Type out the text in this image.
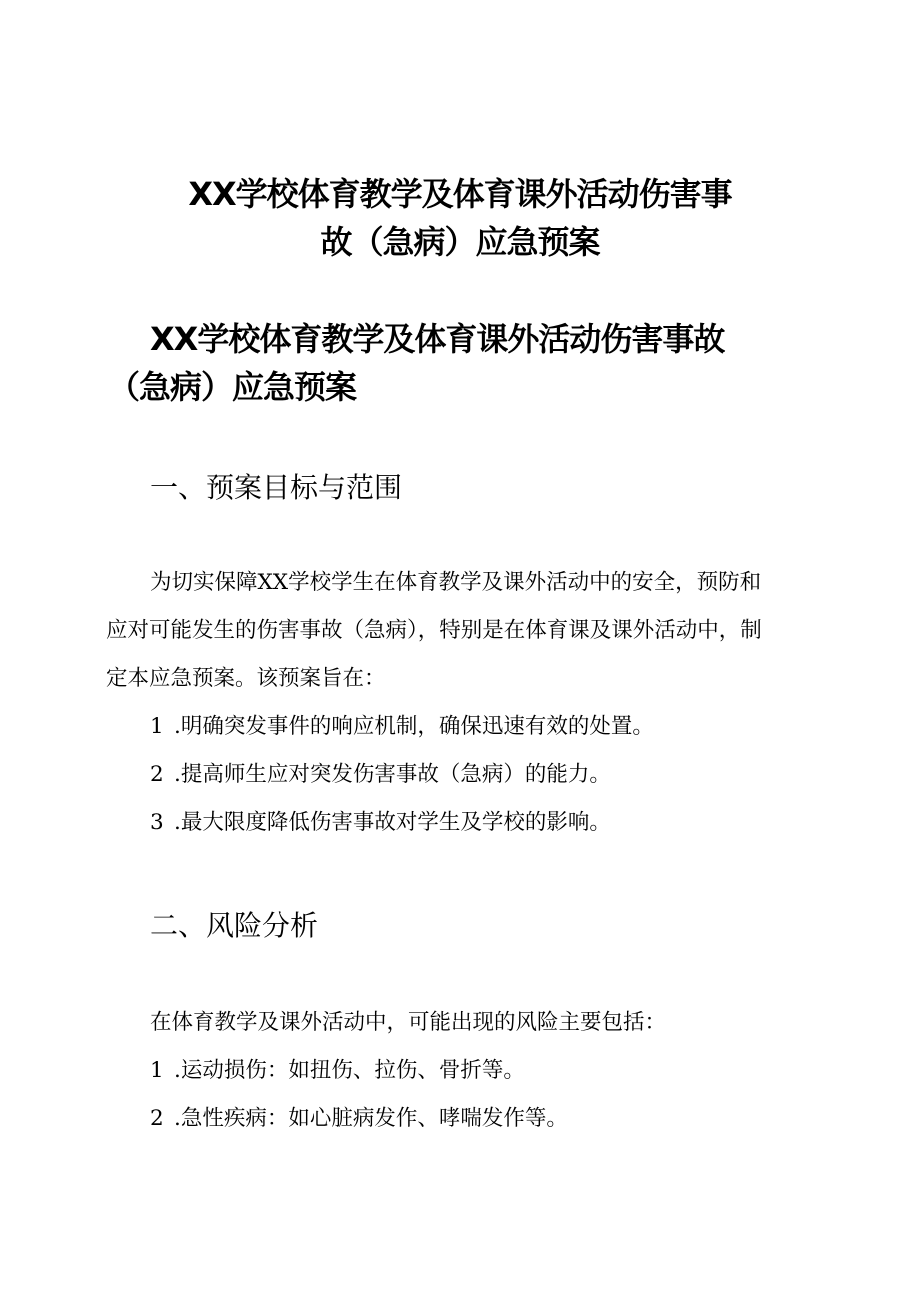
XX学校体育教学及体育课外活动伤害事
故（急病）应急预案
XX学校体育教学及体育课外活动伤害事故
（急病）应急预案
一、预案目标与范围
为切实保障XX学校学生在体育教学及课外活动中的安全，预防和
应对可能发生的伤害事故（急病），特别是在体育课及课外活动中，制
定本应急预案。该预案旨在：
1 .明确突发事件的响应机制，确保迅速有效的处置。
2 .提高师生应对突发伤害事故（急病）的能力。
3 .最大限度降低伤害事故对学生及学校的影响。
二、风险分析
在体育教学及课外活动中，可能出现的风险主要包括：
1 .运动损伤：如扭伤、拉伤、骨折等。
2 .急性疾病：如心脏病发作、哮喘发作等。
